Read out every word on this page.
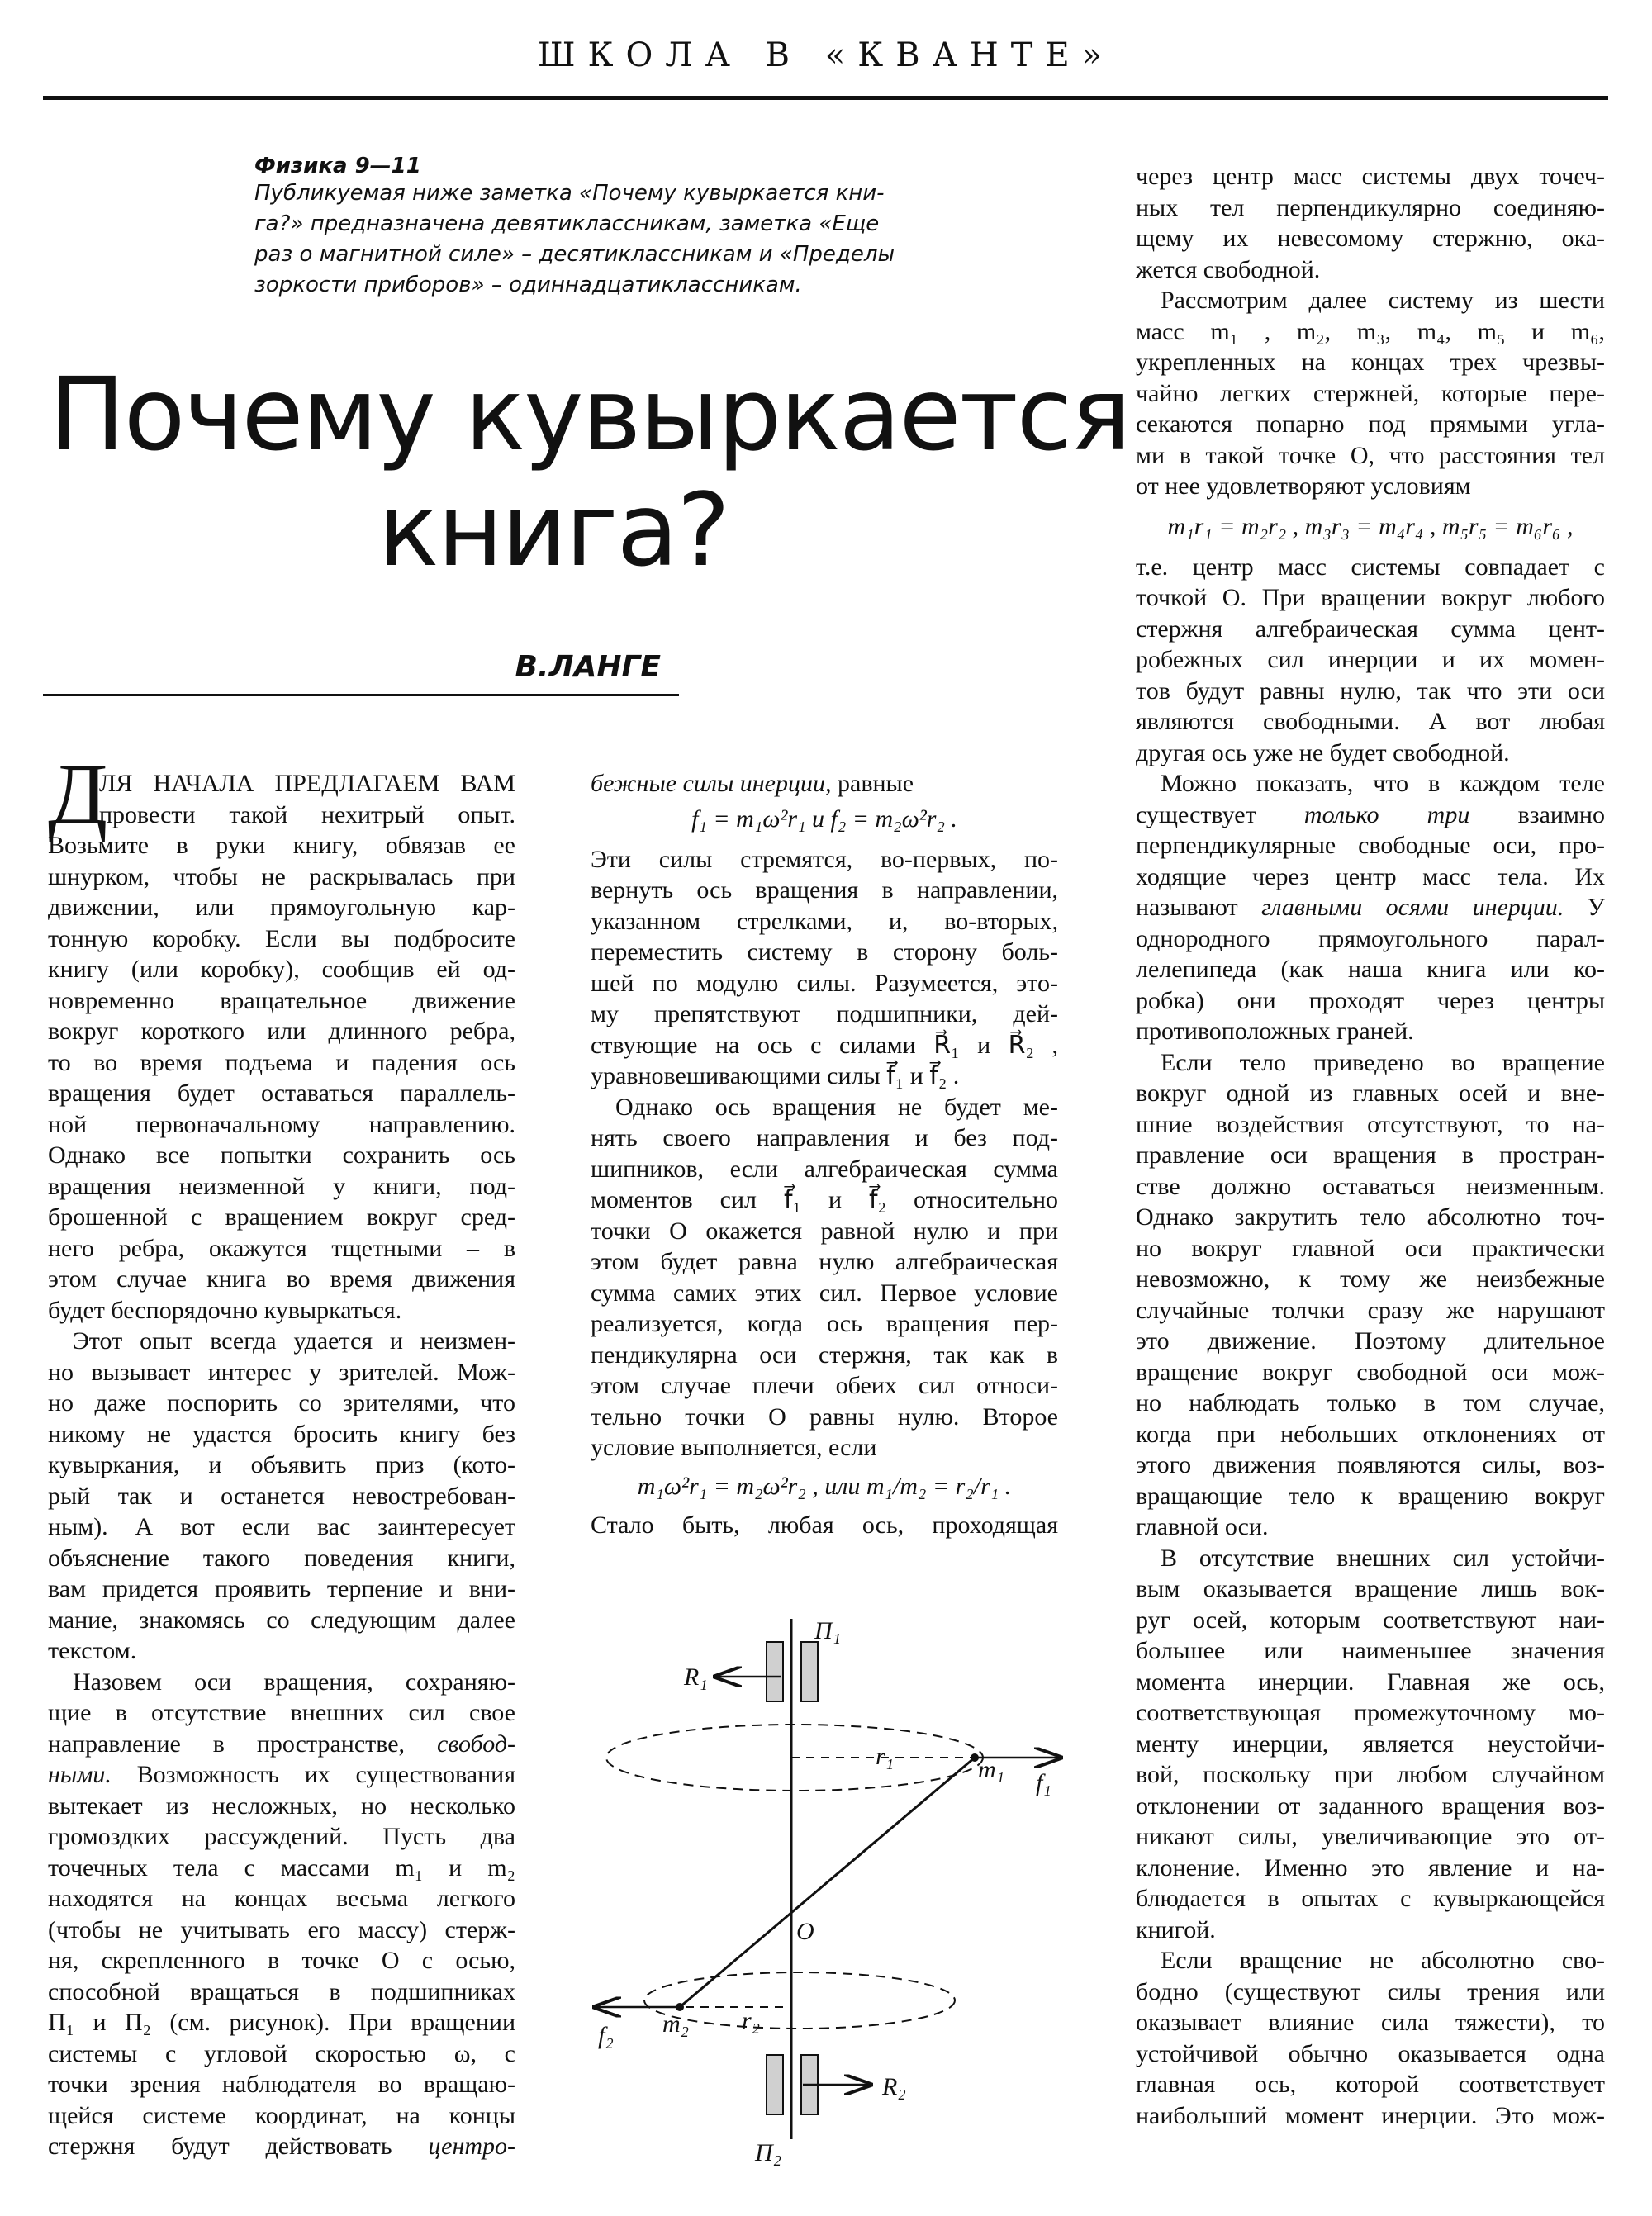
ШКОЛА В «КВАНТЕ»
Физика 9—11
Публикуемая ниже заметка «Почему кувыркается кни-
га?» предназначена девятиклассникам, заметка «Еще
раз о магнитной силе» – десятиклассникам и «Пределы
зоркости приборов» – одиннадцатиклассникам.
Почему кувыркается
книга?
В.ЛАНГЕ
Д
ЛЯ НАЧАЛА ПРЕДЛАГАЕМ ВАМ
провести такой нехитрый опыт.
Возьмите в руки книгу, обвязав ее
шнурком, чтобы не раскрывалась при
движении, или прямоугольную кар-
тонную коробку. Если вы подбросите
книгу (или коробку), сообщив ей од-
новременно вращательное движение
вокруг короткого или длинного ребра,
то во время подъема и падения ось
вращения будет оставаться параллель-
ной первоначальному направлению.
Однако все попытки сохранить ось
вращения неизменной у книги, под-
брошенной с вращением вокруг сред-
него ребра, окажутся тщетными – в
этом случае книга во время движения
будет беспорядочно кувыркаться.
Этот опыт всегда удается и неизмен-
но вызывает интерес у зрителей. Мож-
но даже поспорить со зрителями, что
никому не удастся бросить книгу без
кувыркания, и объявить приз (кото-
рый так и останется невостребован-
ным). А вот если вас заинтересует
объяснение такого поведения книги,
вам придется проявить терпение и вни-
мание, знакомясь со следующим далее
текстом.
Назовем оси вращения, сохраняю-
щие в отсутствие внешних сил свое
направление в пространстве, свобод-
ными. Возможность их существования
вытекает из несложных, но несколько
громоздких рассуждений. Пусть два
точечных тела с массами m₁ и m₂
находятся на концах весьма легкого
(чтобы не учитывать его массу) стерж-
ня, скрепленного в точке O с осью,
способной вращаться в подшипниках
П₁ и П₂ (см. рисунок). При вращении
системы с угловой скоростью ω, с
точки зрения наблюдателя во вращаю-
щейся системе координат, на концы
стержня будут действовать центро-
бежные силы инерции, равные
f₁ = m₁ω²r₁ и f₂ = m₂ω²r₂ .
Эти силы стремятся, во-первых, по-
вернуть ось вращения в направлении,
указанном стрелками, и, во-вторых,
переместить систему в сторону боль-
шей по модулю силы. Разумеется, это-
му препятствуют подшипники, дей-
ствующие на ось с силами R⃗₁ и R⃗₂ ,
уравновешивающими силы f⃗₁ и f⃗₂ .
Однако ось вращения не будет ме-
нять своего направления и без под-
шипников, если алгебраическая сумма
моментов сил f⃗₁ и f⃗₂ относительно
точки O окажется равной нулю и при
этом будет равна нулю алгебраическая
сумма самих этих сил. Первое условие
реализуется, когда ось вращения пер-
пендикулярна оси стержня, так как в
этом случае плечи обеих сил относи-
тельно точки O равны нулю. Второе
условие выполняется, если
m₁ω²r₁ = m₂ω²r₂ , или m₁/m₂ = r₂/r₁ .
Стало быть, любая ось, проходящая
через центр масс системы двух точеч-
ных тел перпендикулярно соединяю-
щему их невесомому стержню, ока-
жется свободной.
Рассмотрим далее систему из шести
масс m₁ , m₂, m₃, m₄, m₅ и m₆,
укрепленных на концах трех чрезвы-
чайно легких стержней, которые пере-
секаются попарно под прямыми угла-
ми в такой точке O, что расстояния тел
от нее удовлетворяют условиям
m₁r₁ = m₂r₂ , m₃r₃ = m₄r₄ , m₅r₅ = m₆r₆ ,
т.е. центр масс системы совпадает с
точкой O. При вращении вокруг любого
стержня алгебраическая сумма цент-
робежных сил инерции и их момен-
тов будут равны нулю, так что эти оси
являются свободными. А вот любая
другая ось уже не будет свободной.
Можно показать, что в каждом теле
существует только три взаимно
перпендикулярные свободные оси, про-
ходящие через центр масс тела. Их
называют главными осями инерции. У
однородного прямоугольного парал-
лелепипеда (как наша книга или ко-
робка) они проходят через центры
противоположных граней.
Если тело приведено во вращение
вокруг одной из главных осей и вне-
шние воздействия отсутствуют, то на-
правление оси вращения в простран-
стве должно оставаться неизменным.
Однако закрутить тело абсолютно точ-
но вокруг главной оси практически
невозможно, к тому же неизбежные
случайные толчки сразу же нарушают
это движение. Поэтому длительное
вращение вокруг свободной оси мож-
но наблюдать только в том случае,
когда при небольших отклонениях от
этого движения появляются силы, воз-
вращающие тело к вращению вокруг
главной оси.
В отсутствие внешних сил устойчи-
вым оказывается вращение лишь вок-
руг осей, которым соответствуют наи-
большее или наименьшее значения
момента инерции. Главная же ось,
соответствующая промежуточному мо-
менту инерции, является неустойчи-
вой, поскольку при любом случайном
отклонении от заданного вращения воз-
никают силы, увеличивающие это от-
клонение. Именно это явление и на-
блюдается в опытах с кувыркающейся
книгой.
Если вращение не абсолютно сво-
бодно (существуют силы трения или
оказывает влияние сила тяжести), то
устойчивой обычно оказывается одна
главная ось, которой соответствует
наибольший момент инерции. Это мож-
П₁
R₁
r₁	m₁ f₁
O
r₂
m₂
f₂
R₂
П₂
